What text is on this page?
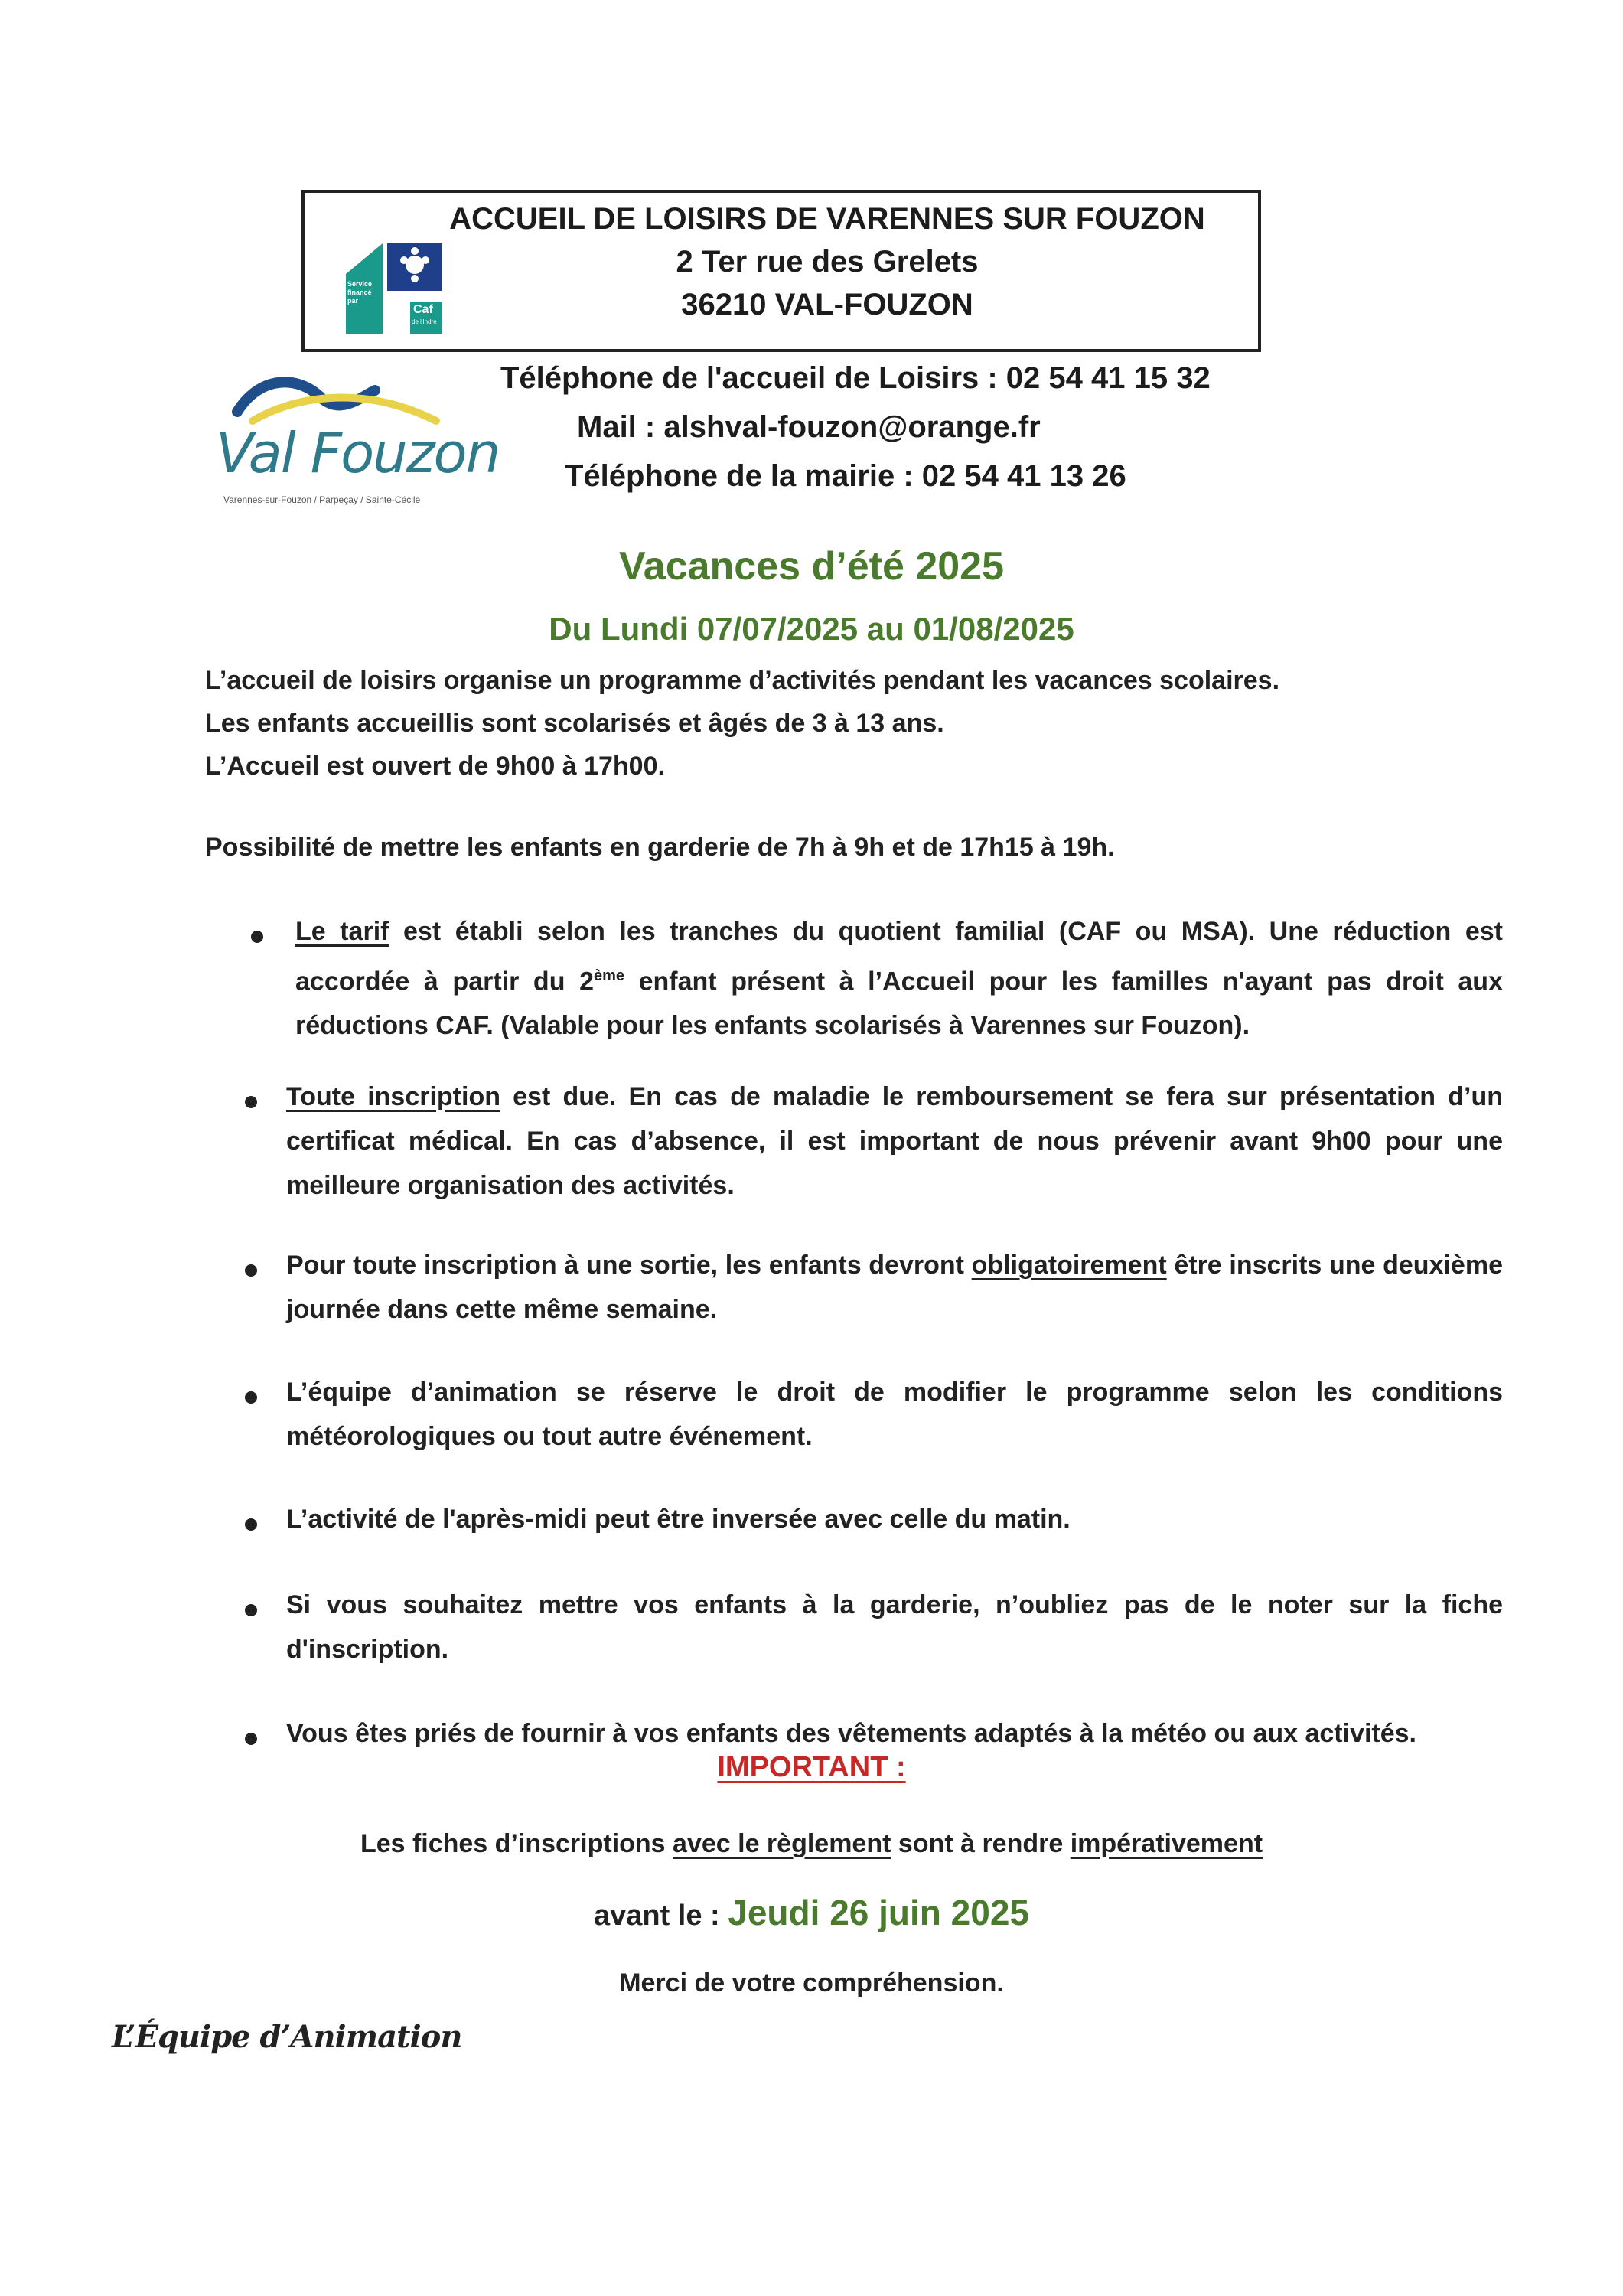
ACCUEIL DE LOISIRS DE VARENNES SUR FOUZON
2 Ter rue des Grelets
36210 VAL-FOUZON
Service financé par
Caf
de l'Indre
Val Fouzon
Varennes-sur-Fouzon / Parpeçay / Sainte-Cécile
Téléphone de l'accueil de Loisirs : 02 54 41 15 32
Mail : alshval-fouzon@orange.fr
Téléphone de la mairie : 02 54 41 13 26
Vacances d’été 2025
Du Lundi 07/07/2025 au 01/08/2025
L’accueil de loisirs organise un programme d’activités pendant les vacances scolaires.
Les enfants accueillis sont scolarisés et âgés de 3 à 13 ans.
L’Accueil est ouvert de 9h00 à 17h00.
Possibilité de mettre les enfants en garderie de 7h à 9h et de 17h15 à 19h.
Le tarif est établi selon les tranches du quotient familial (CAF ou MSA). Une réduction est accordée à partir du 2ème enfant présent à l’Accueil pour les familles n'ayant pas droit aux réductions CAF. (Valable pour les enfants scolarisés à Varennes sur Fouzon).
Toute inscription est due. En cas de maladie le remboursement se fera sur présentation d’un certificat médical. En cas d’absence, il est important de nous prévenir avant 9h00 pour une meilleure organisation des activités.
Pour toute inscription à une sortie, les enfants devront obligatoirement être inscrits une deuxième journée dans cette même semaine.
L’équipe d’animation se réserve le droit de modifier le programme selon les conditions météorologiques ou tout autre événement.
L’activité de l'après-midi peut être inversée avec celle du matin.
Si vous souhaitez mettre vos enfants à la garderie, n’oubliez pas de le noter sur la fiche d'inscription.
Vous êtes priés de fournir à vos enfants des vêtements adaptés à la météo ou aux activités.
IMPORTANT :
Les fiches d’inscriptions avec le règlement sont à rendre impérativement
avant le : Jeudi 26 juin 2025
Merci de votre compréhension.
L’Équipe d’Animation
